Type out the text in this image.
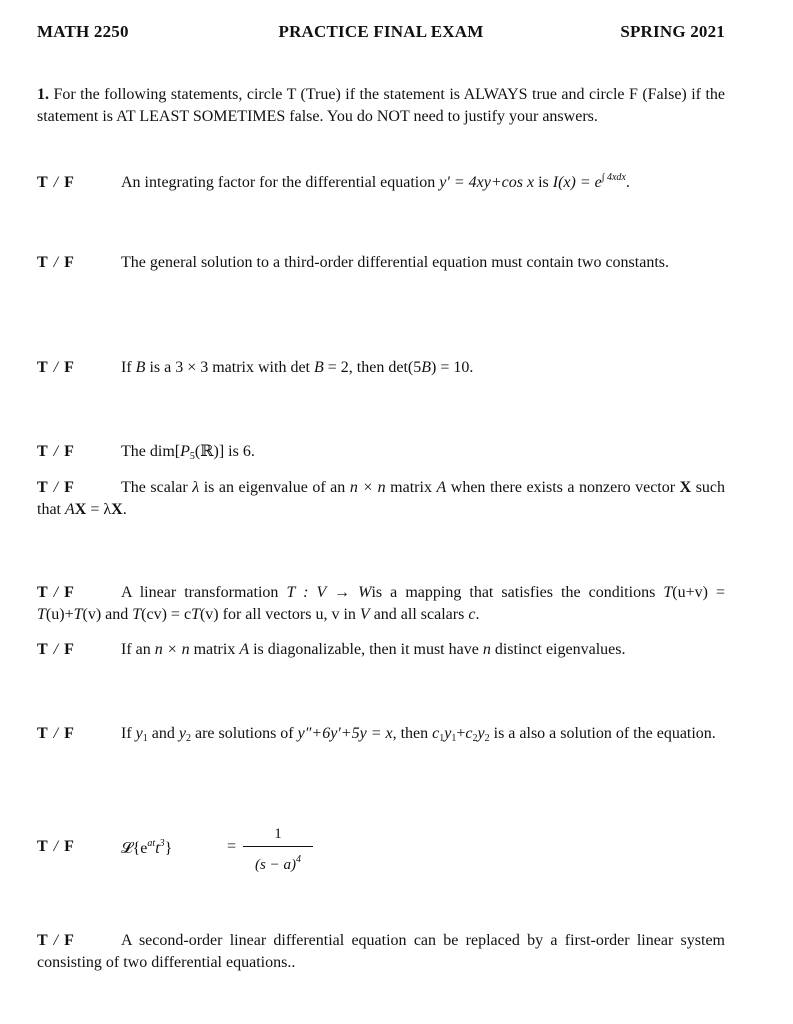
MATH 2250	PRACTICE FINAL EXAM	SPRING 2021
1. For the following statements, circle T (True) if the statement is ALWAYS true and circle F (False) if the statement is AT LEAST SOMETIMES false. You do NOT need to justify your answers.
T / F	An integrating factor for the differential equation y′ = 4xy+cos x is $I(x) = e^{\int 4xdx}$.
T / F	The general solution to a third-order differential equation must contain two constants.
T / F	If B is a 3 × 3 matrix with det B = 2, then det(5B) = 10.
T / F	The $dim[P_5(ℝ)]$ is 6.
T / F	The scalar λ is an eigenvalue of an n × n matrix A when there exists a nonzero vector X such that AX = λX.
T / F	A linear transformation T : V → Wis a mapping that satisfies the conditions T(u+v) = T(u)+T(v) and T(cv) = cT(v) for all vectors u, v in V and all scalars c.
T / F	If an n × n matrix A is diagonalizable, then it must have n distinct eigenvalues.
T / F	If $y_1$ and $y_2$ are solutions of y″+6y′+5y = x, then $c_1y_1+c_2y_2$ is a also a solution of the equation.
T / F	$𝓛\{e^{at}t^3\}$	=
1
$(s - a)^4$
T / F	A second-order linear differential equation can be replaced by a first-order linear system consisting of two differential equations..
